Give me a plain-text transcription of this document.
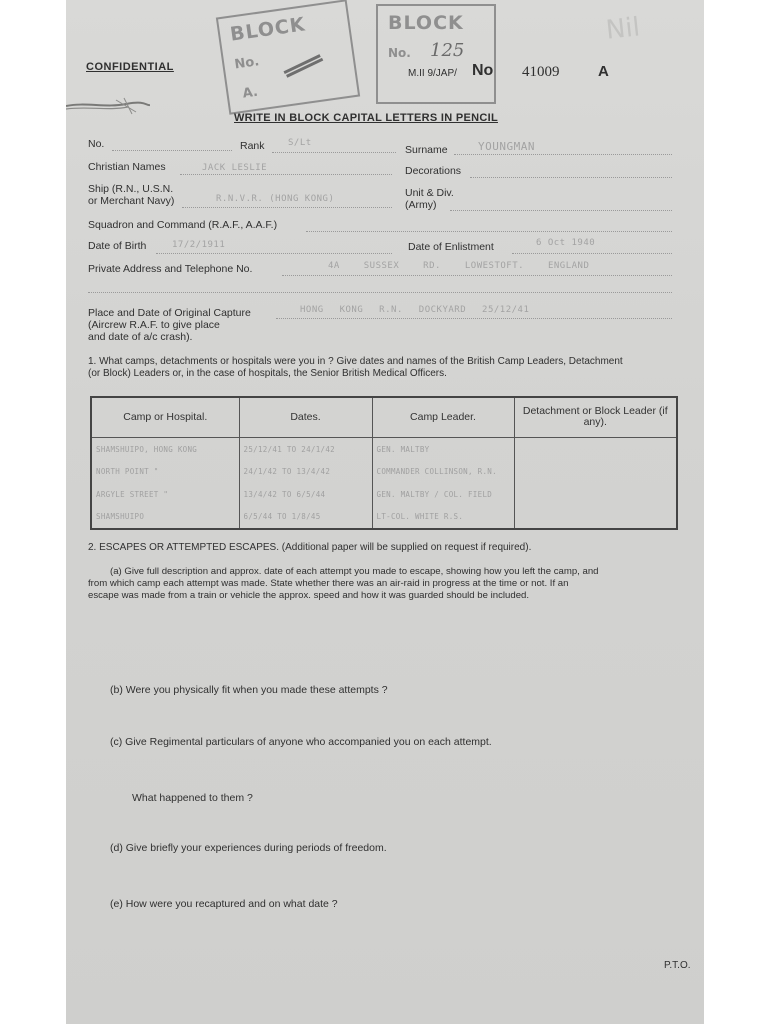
CONFIDENTIAL
BLOCK
No.
A.
BLOCK
No. 125
M.II 9/JAP/ No 41009	A
Nil
WRITE IN BLOCK CAPITAL LETTERS IN PENCIL
No.	Rank	S/Lt
Surname	YOUNGMAN
Christian Names	JACK LESLIE	Decorations
Ship (R.N., U.S.N.
or Merchant Navy)	R.N.V.R. (HONG KONG)	Unit & Div.
(Army)
Squadron and Command (R.A.F., A.A.F.)
Date of Birth	17/2/1911	Date of Enlistment	6 Oct 1940
Private Address and Telephone No.	4A SUSSEX RD. LOWESTOFT. ENGLAND
Place and Date of Original Capture
(Aircrew R.A.F. to give place
and date of a/c crash).
HONG KONG R.N. DOCKYARD 25/12/41
1. What camps, detachments or hospitals were you in ? Give dates and names of the British Camp Leaders, Detachment
(or Block) Leaders or, in the case of hospitals, the Senior British Medical Officers.
Camp or Hospital.	Dates.	Camp Leader.	Detachment or Block Leader (if any).
SHAMSHUIPO, HONG KONG	25/12/41 TO 24/1/42	GEN. MALTBY	
NORTH POINT "	24/1/42 TO 13/4/42	COMMANDER COLLINSON, R.N.	
ARGYLE STREET "	13/4/42 TO 6/5/44	GEN. MALTBY / COL. FIELD	
SHAMSHUIPO	6/5/44 TO 1/8/45	LT-COL. WHITE R.S.	
2. ESCAPES OR ATTEMPTED ESCAPES. (Additional paper will be supplied on request if required).
(a) Give full description and approx. date of each attempt you made to escape, showing how you left the camp, and
from which camp each attempt was made. State whether there was an air-raid in progress at the time or not. If an
escape was made from a train or vehicle the approx. speed and how it was guarded should be included.
(b) Were you physically fit when you made these attempts ?
(c) Give Regimental particulars of anyone who accompanied you on each attempt.
What happened to them ?
(d) Give briefly your experiences during periods of freedom.
(e) How were you recaptured and on what date ?
P.T.O.
